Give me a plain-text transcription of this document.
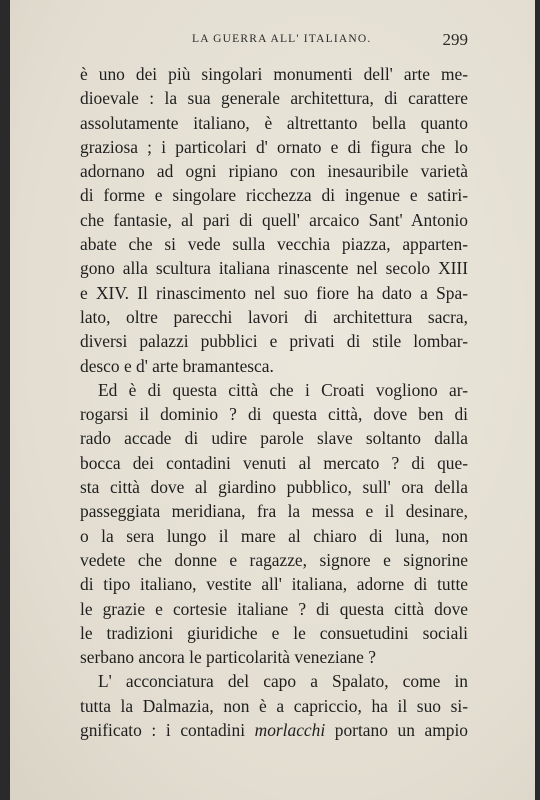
LA GUERRA ALL' ITALIANO.	299
è uno dei più singolari monumenti dell' arte me-
dioevale : la sua generale architettura, di carattere
assolutamente italiano, è altrettanto bella quanto
graziosa ; i particolari d' ornato e di figura che lo
adornano ad ogni ripiano con inesauribile varietà
di forme e singolare ricchezza di ingenue e satiri-
che fantasie, al pari di quell' arcaico Sant' Antonio
abate che si vede sulla vecchia piazza, apparten-
gono alla scultura italiana rinascente nel secolo XIII
e XIV. Il rinascimento nel suo fiore ha dato a Spa-
lato, oltre parecchi lavori di architettura sacra,
diversi palazzi pubblici e privati di stile lombar-
desco e d' arte bramantesca.
Ed è di questa città che i Croati vogliono ar-
rogarsi il dominio ? di questa città, dove ben di
rado accade di udire parole slave soltanto dalla
bocca dei contadini venuti al mercato ? di que-
sta città dove al giardino pubblico, sull' ora della
passeggiata meridiana, fra la messa e il desinare,
o la sera lungo il mare al chiaro di luna, non
vedete che donne e ragazze, signore e signorine
di tipo italiano, vestite all' italiana, adorne di tutte
le grazie e cortesie italiane ? di questa città dove
le tradizioni giuridiche e le consuetudini sociali
serbano ancora le particolarità veneziane ?
L' acconciatura del capo a Spalato, come in
tutta la Dalmazia, non è a capriccio, ha il suo si-
gnificato : i contadini morlacchi portano un ampio
